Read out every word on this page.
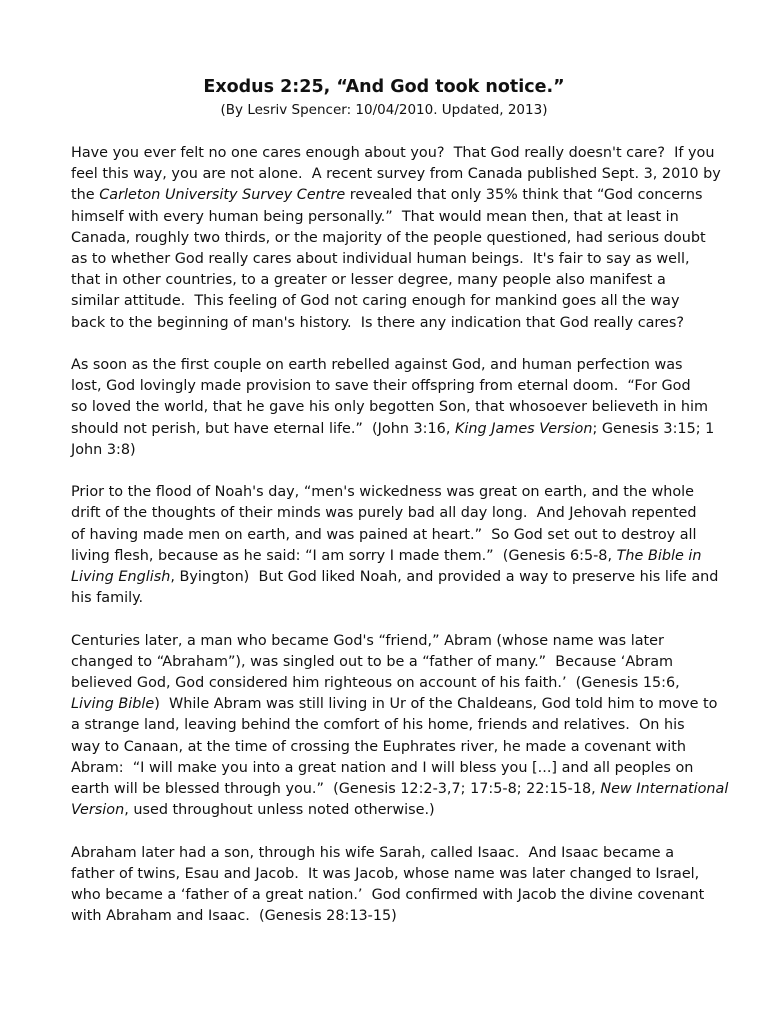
Exodus 2:25, “And God took notice.”
(By Lesriv Spencer: 10/04/2010. Updated, 2013)

Have you ever felt no one cares enough about you?  That God really doesn't care?  If you
feel this way, you are not alone.  A recent survey from Canada published Sept. 3, 2010 by
the Carleton University Survey Centre revealed that only 35% think that “God concerns
himself with every human being personally.”  That would mean then, that at least in
Canada, roughly two thirds, or the majority of the people questioned, had serious doubt
as to whether God really cares about individual human beings.  It's fair to say as well,
that in other countries, to a greater or lesser degree, many people also manifest a
similar attitude.  This feeling of God not caring enough for mankind goes all the way
back to the beginning of man's history.  Is there any indication that God really cares?

As soon as the first couple on earth rebelled against God, and human perfection was
lost, God lovingly made provision to save their offspring from eternal doom.  “For God
so loved the world, that he gave his only begotten Son, that whosoever believeth in him
should not perish, but have eternal life.”  (John 3:16, King James Version; Genesis 3:15; 1
John 3:8)

Prior to the flood of Noah's day, “men's wickedness was great on earth, and the whole
drift of the thoughts of their minds was purely bad all day long.  And Jehovah repented
of having made men on earth, and was pained at heart.”  So God set out to destroy all
living flesh, because as he said: “I am sorry I made them.”  (Genesis 6:5-8, The Bible in
Living English, Byington)  But God liked Noah, and provided a way to preserve his life and
his family.

Centuries later, a man who became God's “friend,” Abram (whose name was later
changed to “Abraham”), was singled out to be a “father of many.”  Because ‘Abram
believed God, God considered him righteous on account of his faith.’  (Genesis 15:6,
Living Bible)  While Abram was still living in Ur of the Chaldeans, God told him to move to
a strange land, leaving behind the comfort of his home, friends and relatives.  On his
way to Canaan, at the time of crossing the Euphrates river, he made a covenant with
Abram:  “I will make you into a great nation and I will bless you [...] and all peoples on
earth will be blessed through you.”  (Genesis 12:2-3,7; 17:5-8; 22:15-18, New International
Version, used throughout unless noted otherwise.)

Abraham later had a son, through his wife Sarah, called Isaac.  And Isaac became a
father of twins, Esau and Jacob.  It was Jacob, whose name was later changed to Israel,
who became a ‘father of a great nation.’  God confirmed with Jacob the divine covenant
with Abraham and Isaac.  (Genesis 28:13-15)
